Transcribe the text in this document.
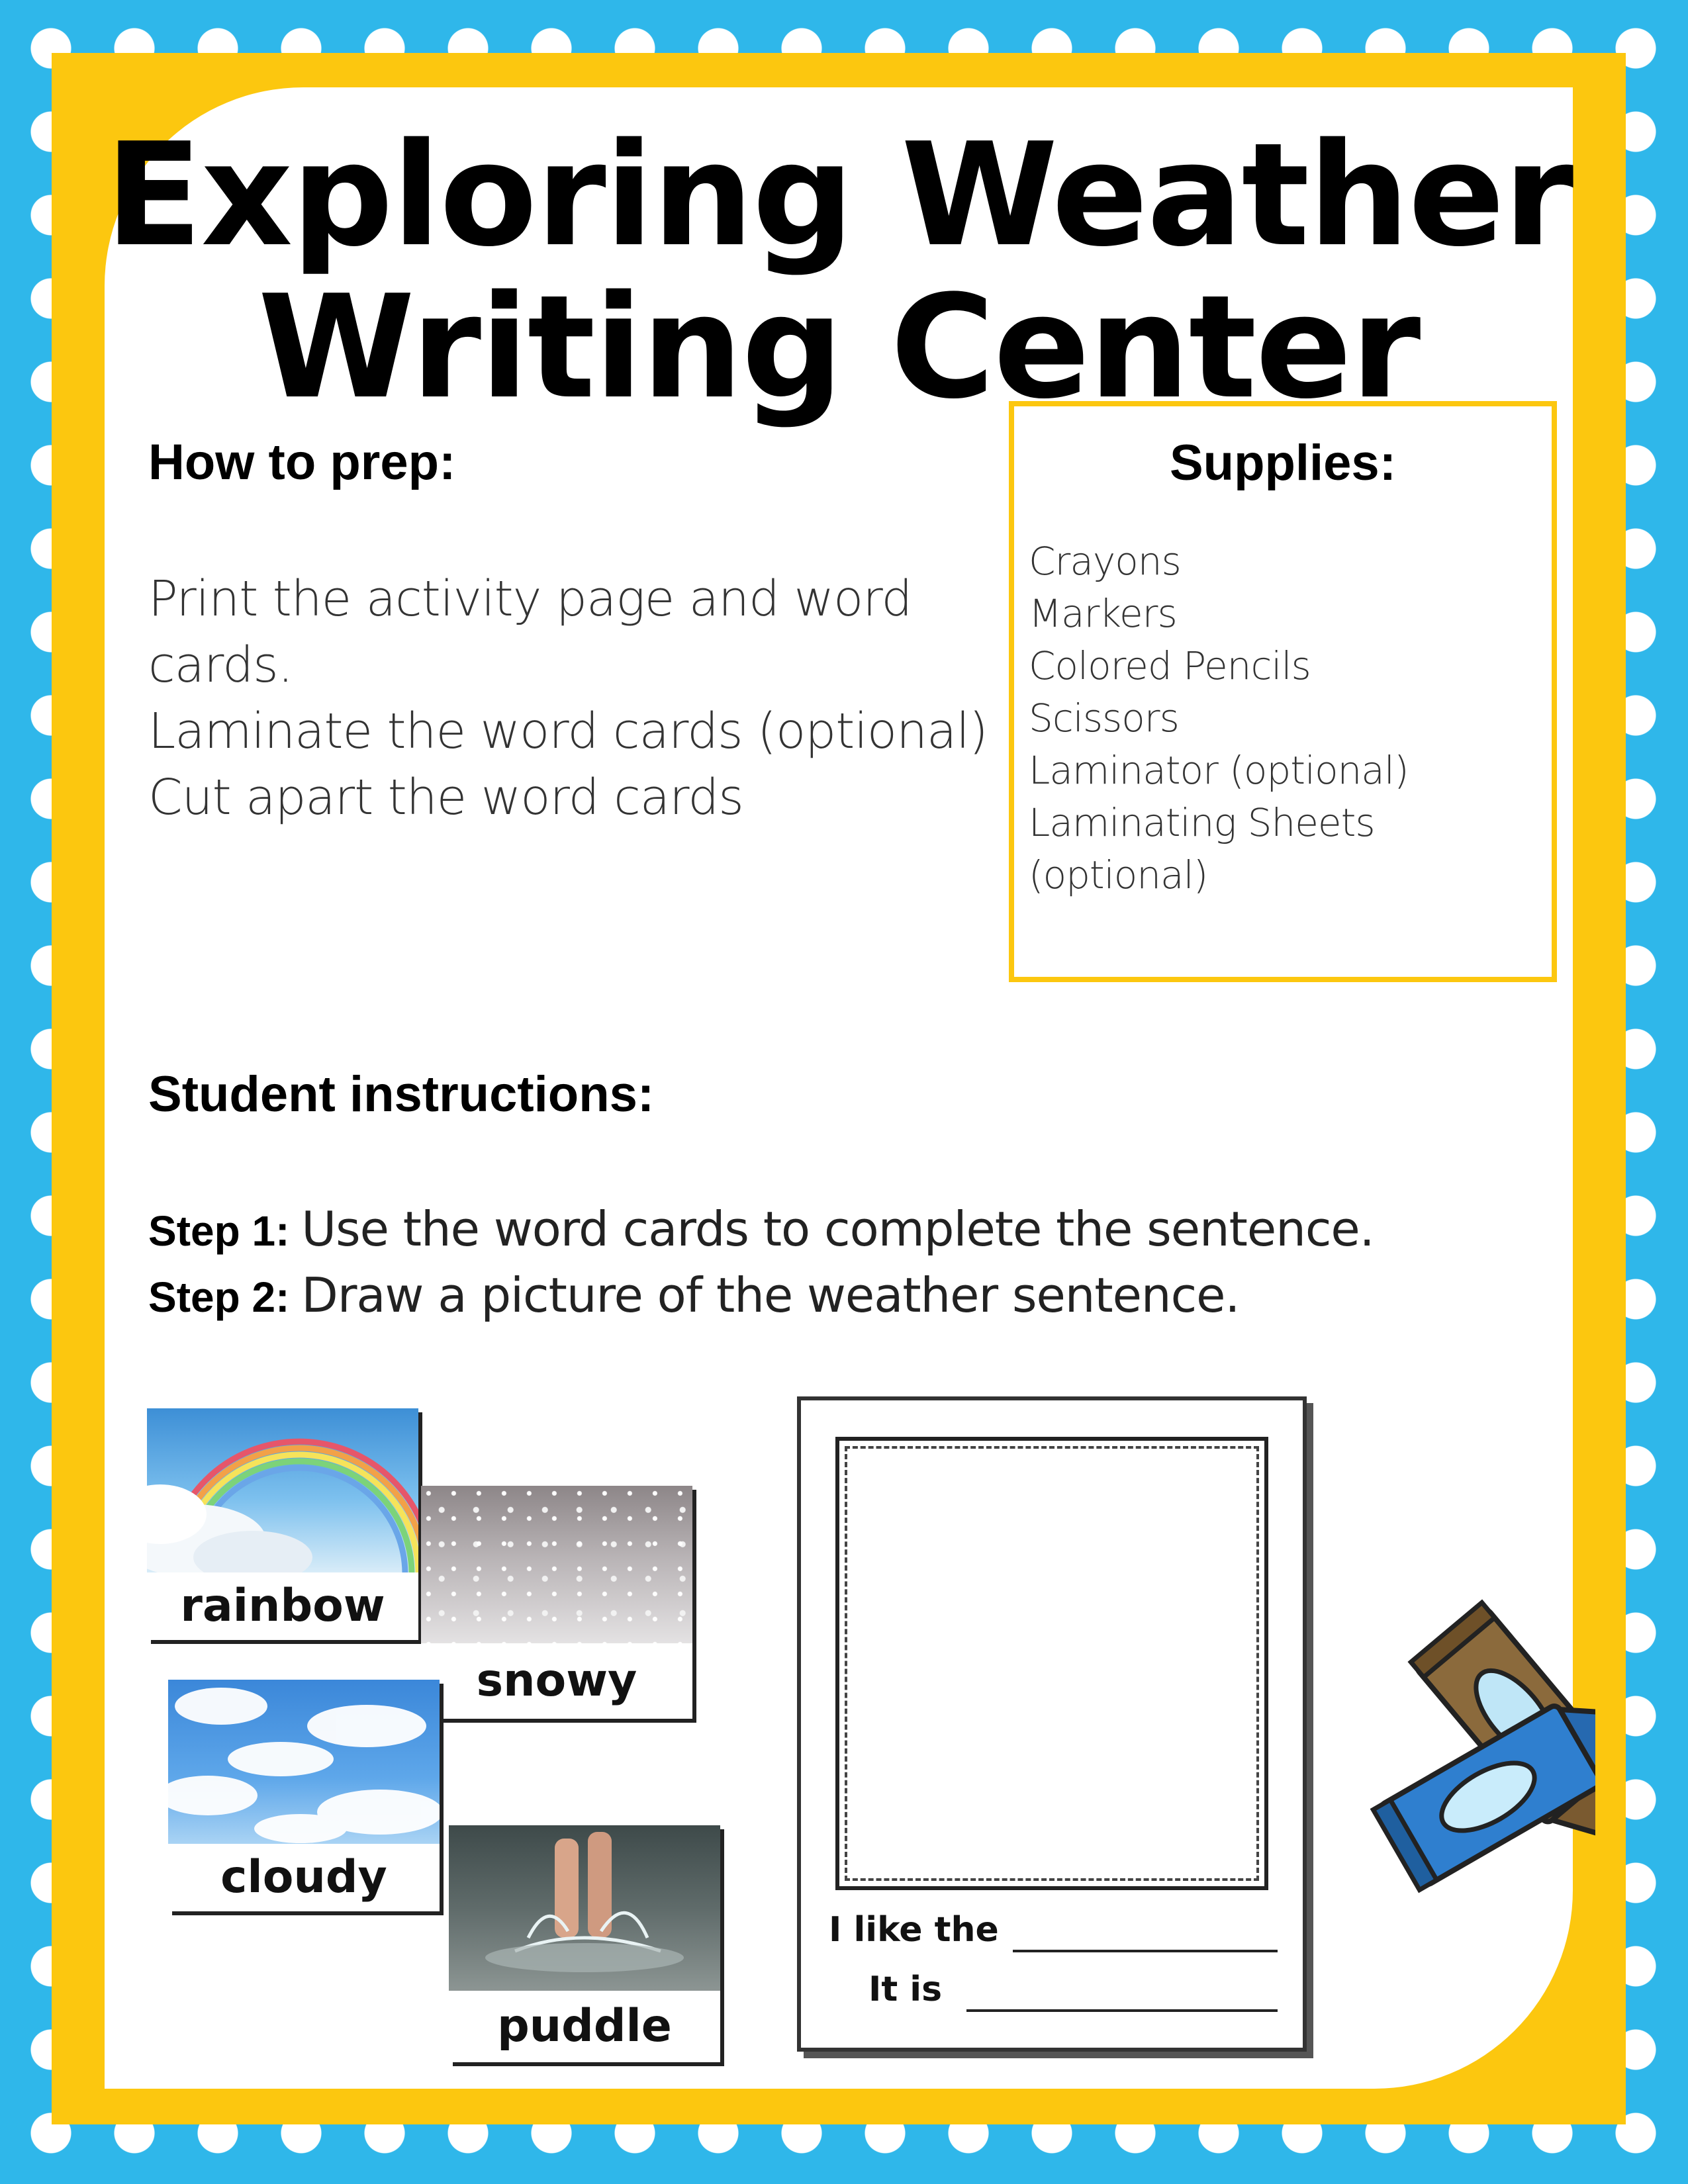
Exploring Weather
Writing Center
How to prep:
Print the activity page and word
cards.
Laminate the word cards (optional)
Cut apart the word cards
Supplies:
Crayons
Markers
Colored Pencils
Scissors
Laminator (optional)
Laminating Sheets
(optional)
Student instructions:
Step 1: Use the word cards to complete the sentence.
Step 2: Draw a picture of the weather sentence.
rainbow
snowy
cloudy
puddle
I like the
It is
